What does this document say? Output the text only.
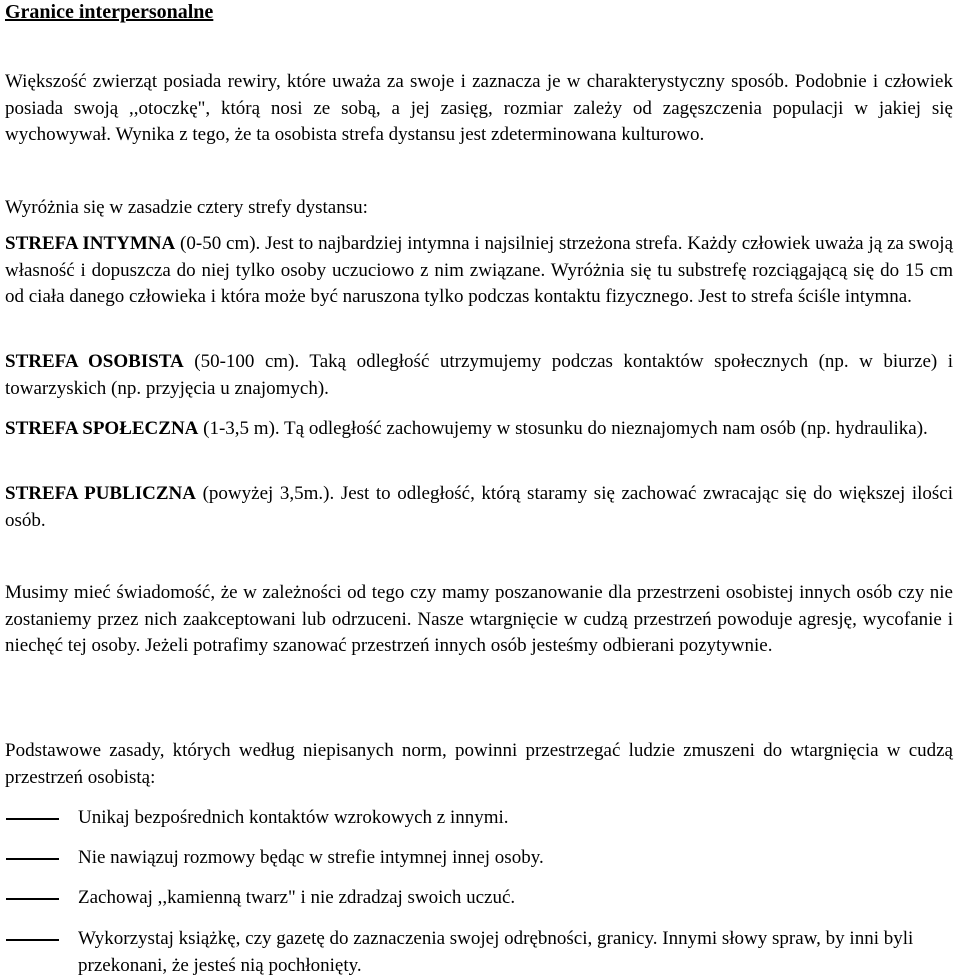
Granice interpersonalne

Większość zwierząt posiada rewiry, które uważa za swoje i zaznacza je w charakterystyczny sposób. Podobnie i człowiek posiada swoją ,,otoczkę", którą nosi ze sobą, a jej zasięg, rozmiar zależy od zagęszczenia populacji w jakiej się wychowywał. Wynika z tego, że ta osobista strefa dystansu jest zdeterminowana kulturowo.

Wyróżnia się w zasadzie cztery strefy dystansu:

STREFA INTYMNA (0-50 cm). Jest to najbardziej intymna i najsilniej strzeżona strefa. Każdy człowiek uważa ją za swoją własność i dopuszcza do niej tylko osoby uczuciowo z nim związane. Wyróżnia się tu substrefę rozciągającą się do 15 cm od ciała danego człowieka i która może być naruszona tylko podczas kontaktu fizycznego. Jest to strefa ściśle intymna.

STREFA OSOBISTA (50-100 cm). Taką odległość utrzymujemy podczas kontaktów społecznych (np. w biurze) i towarzyskich (np. przyjęcia u znajomych).

STREFA SPOŁECZNA (1-3,5 m). Tą odległość zachowujemy w stosunku do nieznajomych nam osób (np. hydraulika).

STREFA PUBLICZNA (powyżej 3,5m.). Jest to odległość, którą staramy się zachować zwracając się do większej ilości osób.

Musimy mieć świadomość, że w zależności od tego czy mamy poszanowanie dla przestrzeni osobistej innych osób czy nie zostaniemy przez nich zaakceptowani lub odrzuceni. Nasze wtargnięcie w cudzą przestrzeń powoduje agresję, wycofanie i niechęć tej osoby. Jeżeli potrafimy szanować przestrzeń innych osób jesteśmy odbierani pozytywnie.

Podstawowe zasady, których według niepisanych norm, powinni przestrzegać ludzie zmuszeni do wtargnięcia w cudzą przestrzeń osobistą:

Unikaj bezpośrednich kontaktów wzrokowych z innymi.
Nie nawiązuj rozmowy będąc w strefie intymnej innej osoby.
Zachowaj ,,kamienną twarz" i nie zdradzaj swoich uczuć.
Wykorzystaj książkę, czy gazetę do zaznaczenia swojej odrębności, granicy. Innymi słowy spraw, by inni byli przekonani, że jesteś nią pochłonięty.
